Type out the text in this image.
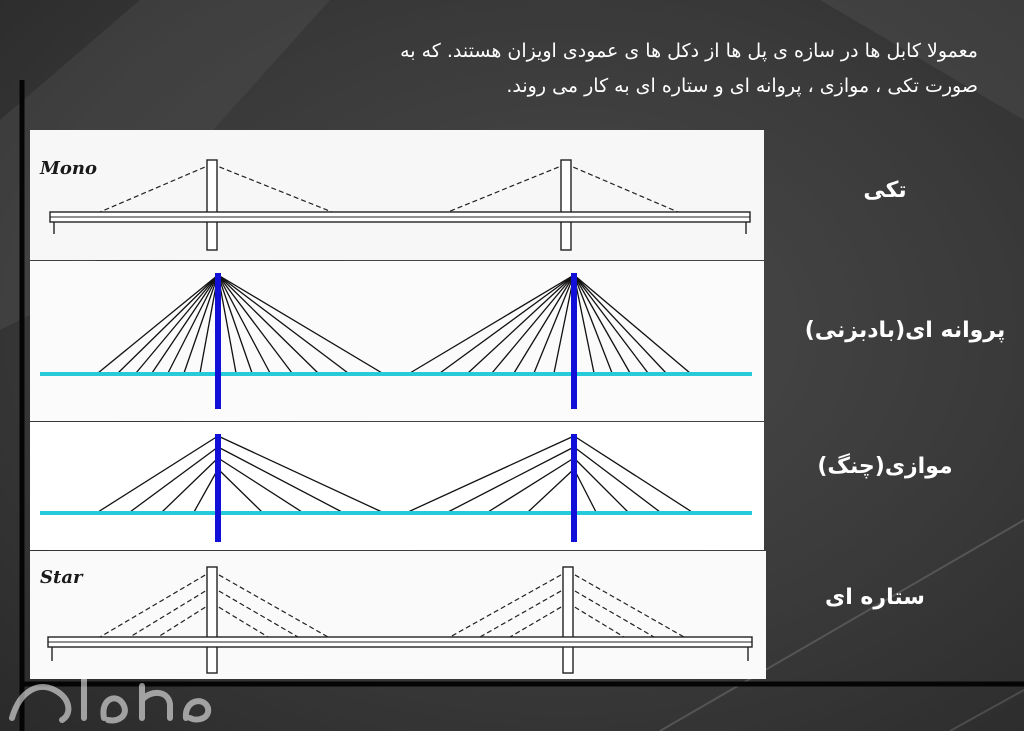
معمولا کابل ها در سازه ی پل ها از دکل ها ی عمودی اویزان هستند. که به
صورت تکی ، موازی ، پروانه ای و ستاره ای به کار می روند.
Mono
تکی
پروانه ای(بادبزنی)
موازی(چنگ)
Star
ستاره ای
